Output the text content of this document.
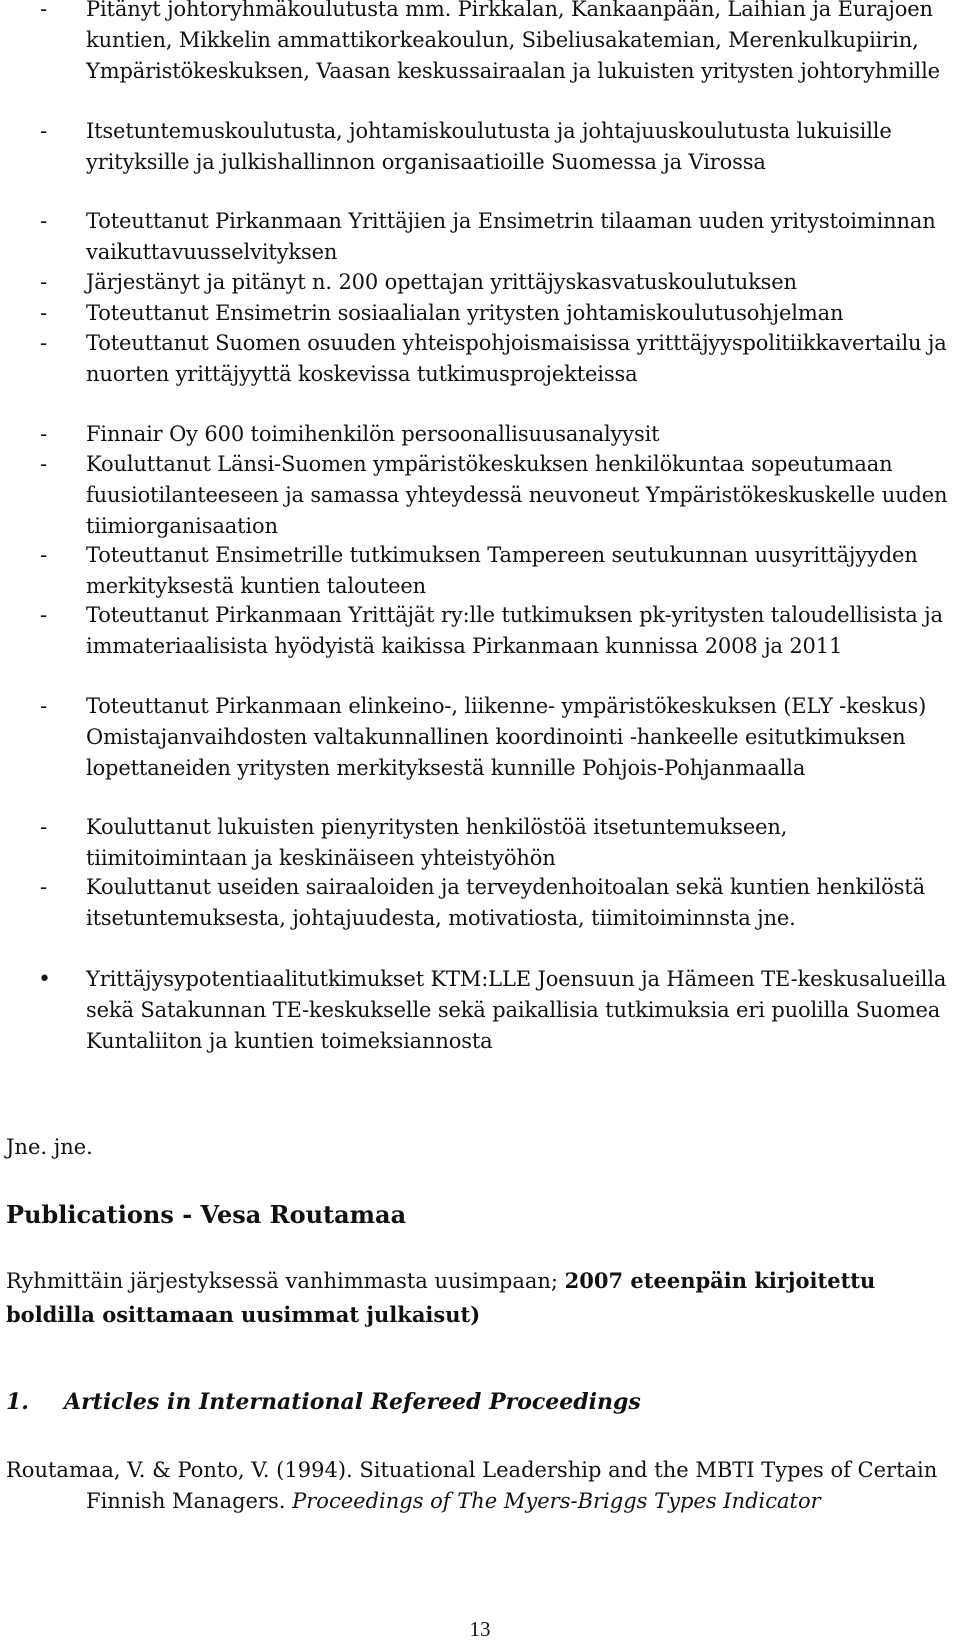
- Pitänyt johtoryhmäkoulutusta mm. Pirkkalan, Kankaanpään, Laihian ja Eurajoen kuntien, Mikkelin ammattikorkeakoulun, Sibeliusakatemian, Merenkulkupiirin, Ympäristökeskuksen, Vaasan keskussairaalan ja lukuisten yritysten johtoryhmille
- Itsetuntemuskoulutusta, johtamiskoulutusta ja johtajuuskoulutusta lukuisille yrityksille ja julkishallinnon organisaatioille Suomessa ja Virossa
- Toteuttanut Pirkanmaan Yrittäjien ja Ensimetrin tilaaman uuden yritystoiminnan vaikuttavuusselvityksen
- Järjestänyt ja pitänyt n. 200 opettajan yrittäjyskasvatuskoulutuksen
- Toteuttanut Ensimetrin sosiaalialan yritysten johtamiskoulutusohjelman
- Toteuttanut Suomen osuuden yhteispohjoismaisissa yritttäjyyspolitiikkavertailu ja nuorten yrittäjyyttä koskevissa tutkimusprojekteissa
- Finnair Oy 600 toimihenkilön persoonallisuusanalyysit
- Kouluttanut Länsi-Suomen ympäristökeskuksen henkilökuntaa sopeutumaan fuusiotilanteeseen ja samassa yhteydessä neuvoneut Ympäristökeskuskelle uuden tiimiorganisaation
- Toteuttanut Ensimetrille tutkimuksen Tampereen seutukunnan uusyrittäjyyden merkityksestä kuntien talouteen
- Toteuttanut Pirkanmaan Yrittäjät ry:lle tutkimuksen pk-yritysten taloudellisista ja immateriaalisista hyödyistä kaikissa Pirkanmaan kunnissa 2008 ja 2011
- Toteuttanut Pirkanmaan elinkeino-, liikenne- ympäristökeskuksen (ELY -keskus) Omistajanvaihdosten valtakunnallinen koordinointi -hankeelle esitutkimuksen lopettaneiden yritysten merkityksestä kunnille Pohjois-Pohjanmaalla
- Kouluttanut lukuisten pienyritysten henkilöstöä itsetuntemukseen, tiimitoimintaan ja keskinäiseen yhteistyöhön
- Kouluttanut useiden sairaaloiden ja terveydenhoitoalan sekä kuntien henkilöstä itsetuntemuksesta, johtajuudesta, motivatiosta, tiimitoiminnsta jne.
• Yrittäjysypotentiaalitutkimukset KTM:LLE Joensuun ja Hämeen TE-keskusalueilla sekä Satakunnan TE-keskukselle sekä paikallisia tutkimuksia eri puolilla Suomea Kuntaliiton ja kuntien toimeksiannosta
Jne. jne.
Publications - Vesa Routamaa
Ryhmittäin järjestyksessä vanhimmasta uusimpaan; 2007 eteenpäin kirjoitettu boldilla osittamaan uusimmat julkaisut)
1. Articles in International Refereed Proceedings
Routamaa, V. & Ponto, V. (1994). Situational Leadership and the MBTI Types of Certain Finnish Managers. Proceedings of The Myers-Briggs Types Indicator
13
